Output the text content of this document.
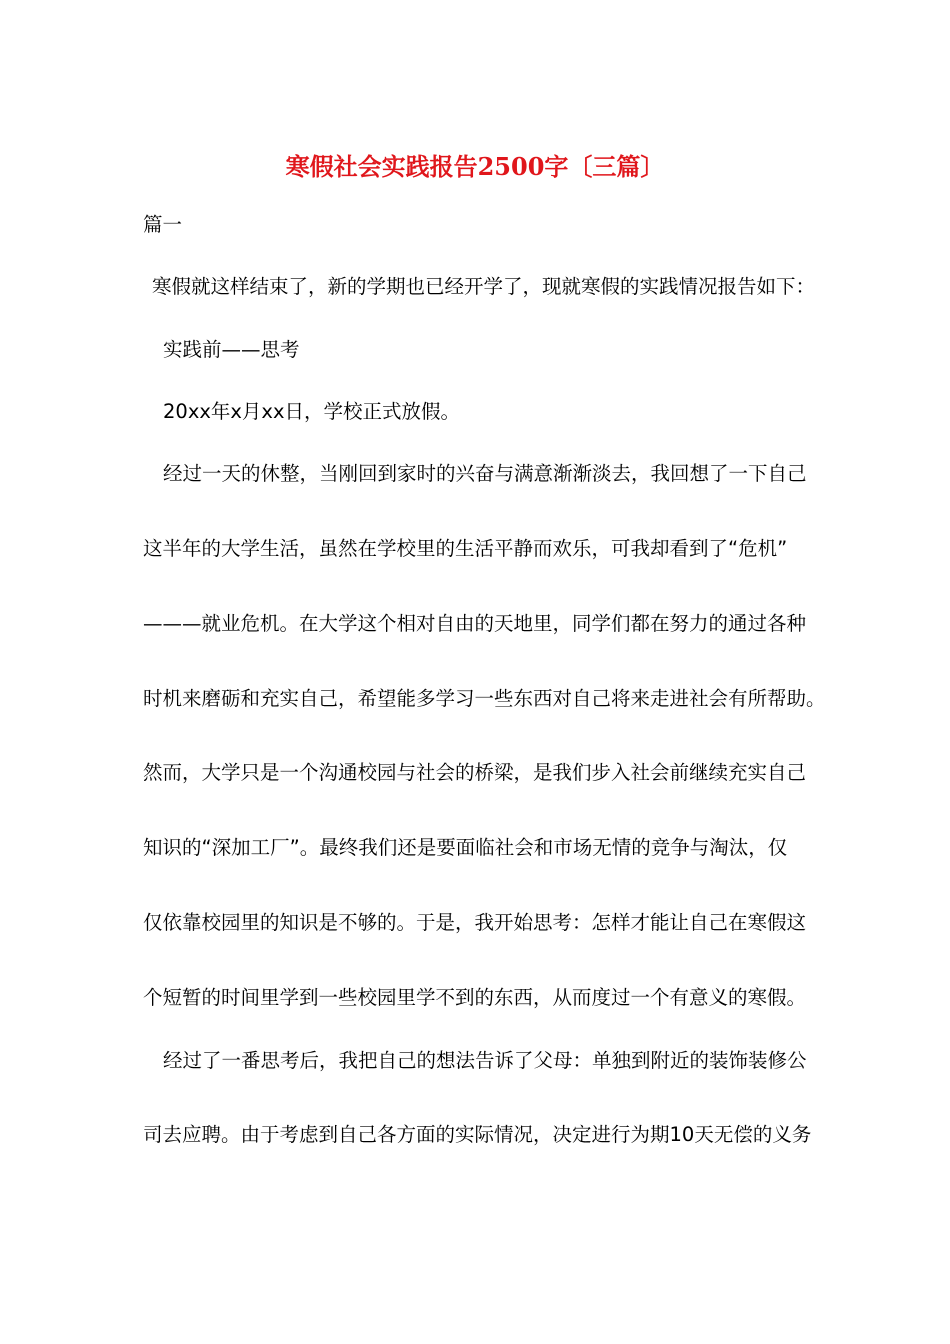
寒假社会实践报告2500字〔三篇〕
篇一
寒假就这样结束了，新的学期也已经开学了，现就寒假的实践情况报告如下：
实践前——思考
20xx年x月xx日，学校正式放假。
经过一天的休整，当刚回到家时的兴奋与满意渐渐淡去，我回想了一下自己
这半年的大学生活，虽然在学校里的生活平静而欢乐，可我却看到了“危机”
———就业危机。在大学这个相对自由的天地里，同学们都在努力的通过各种
时机来磨砺和充实自己，希望能多学习一些东西对自己将来走进社会有所帮助。
然而，大学只是一个沟通校园与社会的桥梁，是我们步入社会前继续充实自己
知识的“深加工厂”。最终我们还是要面临社会和市场无情的竞争与淘汰，仅
仅依靠校园里的知识是不够的。于是，我开始思考：怎样才能让自己在寒假这
个短暂的时间里学到一些校园里学不到的东西，从而度过一个有意义的寒假。
经过了一番思考后，我把自己的想法告诉了父母：单独到附近的装饰装修公
司去应聘。由于考虑到自己各方面的实际情况，决定进行为期10天无偿的义务
